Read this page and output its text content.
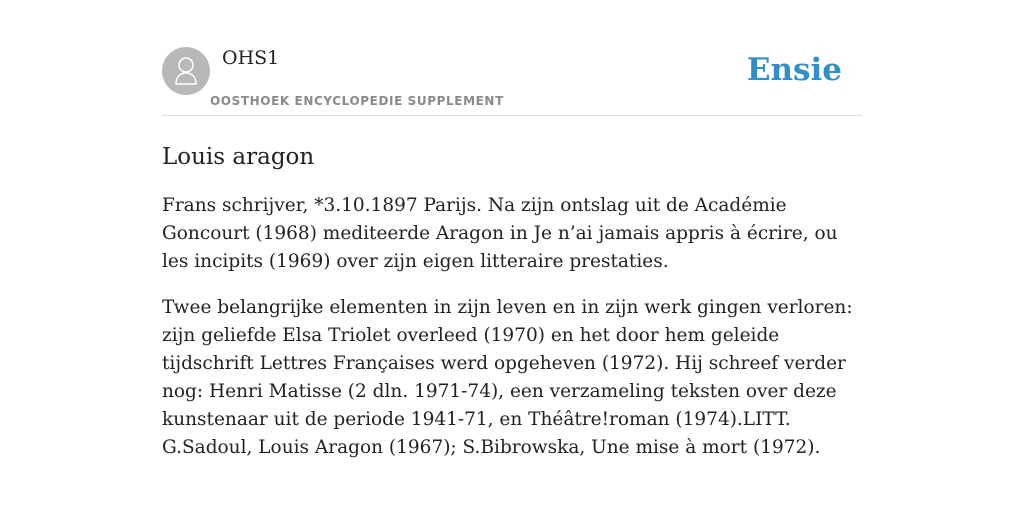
OHS1
OOSTHOEK ENCYCLOPEDIE SUPPLEMENT
Ensie
Louis aragon

Frans schrijver, *3.10.1897 Parijs. Na zijn ontslag uit de Académie Goncourt (1968) mediteerde Aragon in Je n’ai jamais appris à écrire, ou les incipits (1969) over zijn eigen litteraire prestaties.

Twee belangrijke elementen in zijn leven en in zijn werk gingen verloren: zijn geliefde Elsa Triolet overleed (1970) en het door hem geleide tijdschrift Lettres Françaises werd opgeheven (1972). Hij schreef verder nog: Henri Matisse (2 dln. 1971-74), een verzameling teksten over deze kunstenaar uit de periode 1941-71, en Théâtre!roman (1974).LITT. G.Sadoul, Louis Aragon (1967); S.Bibrowska, Une mise à mort (1972).
